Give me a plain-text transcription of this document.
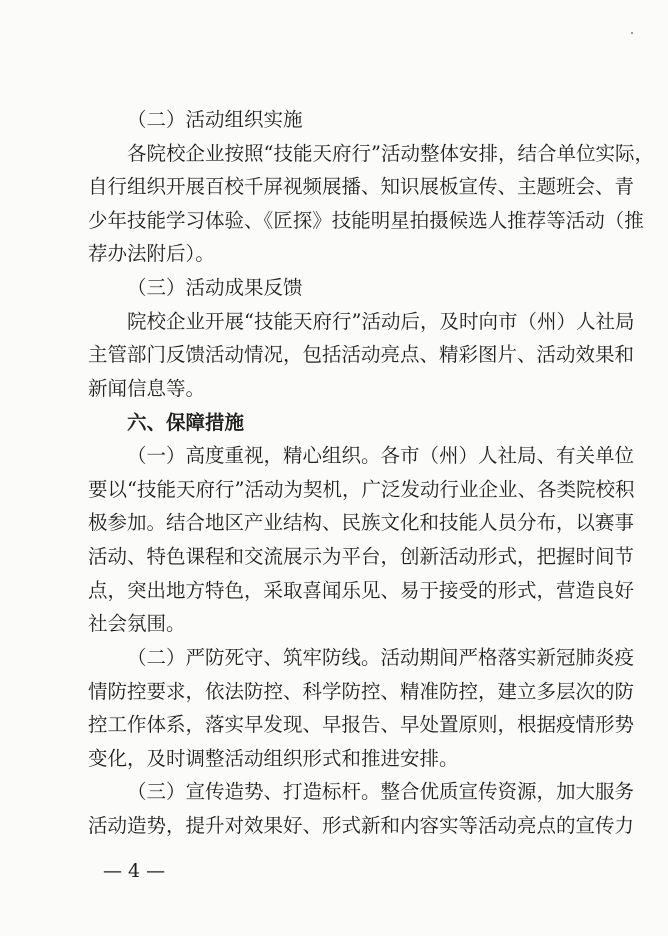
（二）活动组织实施
各院校企业按照“技能天府行”活动整体安排，结合单位实际，
自行组织开展百校千屏视频展播、知识展板宣传、主题班会、青
少年技能学习体验、《匠探》技能明星拍摄候选人推荐等活动（推
荐办法附后）。
（三）活动成果反馈
院校企业开展“技能天府行”活动后，及时向市（州）人社局
主管部门反馈活动情况，包括活动亮点、精彩图片、活动效果和
新闻信息等。
六、保障措施
（一）高度重视，精心组织。各市（州）人社局、有关单位
要以“技能天府行”活动为契机，广泛发动行业企业、各类院校积
极参加。结合地区产业结构、民族文化和技能人员分布，以赛事
活动、特色课程和交流展示为平台，创新活动形式，把握时间节
点，突出地方特色，采取喜闻乐见、易于接受的形式，营造良好
社会氛围。
（二）严防死守、筑牢防线。活动期间严格落实新冠肺炎疫
情防控要求，依法防控、科学防控、精准防控，建立多层次的防
控工作体系，落实早发现、早报告、早处置原则，根据疫情形势
变化，及时调整活动组织形式和推进安排。
（三）宣传造势、打造标杆。整合优质宣传资源，加大服务
活动造势，提升对效果好、形式新和内容实等活动亮点的宣传力
— 4 —
